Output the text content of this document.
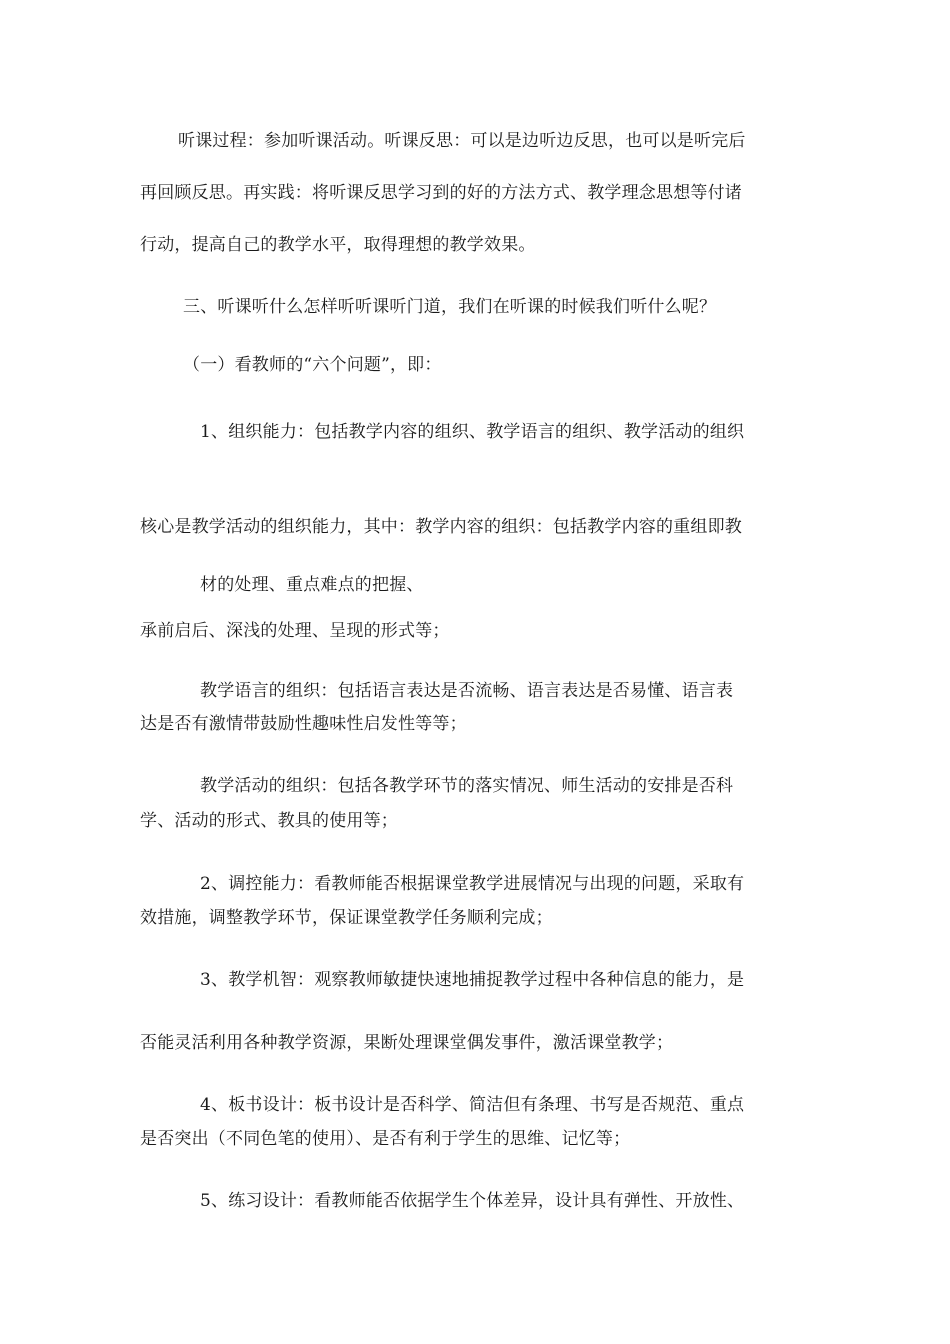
听课过程：参加听课活动。听课反思：可以是边听边反思，也可以是听完后
再回顾反思。再实践：将听课反思学习到的好的方法方式、教学理念思想等付诸
行动，提高自己的教学水平，取得理想的教学效果。
三、听课听什么怎样听听课听门道，我们在听课的时候我们听什么呢？
（一）看教师的“六个问题”，即：
1、组织能力：包括教学内容的组织、教学语言的组织、教学活动的组织
核心是教学活动的组织能力，其中：教学内容的组织：包括教学内容的重组即教
材的处理、重点难点的把握、
承前启后、深浅的处理、呈现的形式等；
教学语言的组织：包括语言表达是否流畅、语言表达是否易懂、语言表
达是否有激情带鼓励性趣味性启发性等等；
教学活动的组织：包括各教学环节的落实情况、师生活动的安排是否科
学、活动的形式、教具的使用等；
2、调控能力：看教师能否根据课堂教学进展情况与出现的问题，采取有
效措施，调整教学环节，保证课堂教学任务顺利完成；
3、教学机智：观察教师敏捷快速地捕捉教学过程中各种信息的能力，是
否能灵活利用各种教学资源，果断处理课堂偶发事件，激活课堂教学；
4、板书设计：板书设计是否科学、简洁但有条理、书写是否规范、重点
是否突出（不同色笔的使用）、是否有利于学生的思维、记忆等；
5、练习设计：看教师能否依据学生个体差异，设计具有弹性、开放性、
